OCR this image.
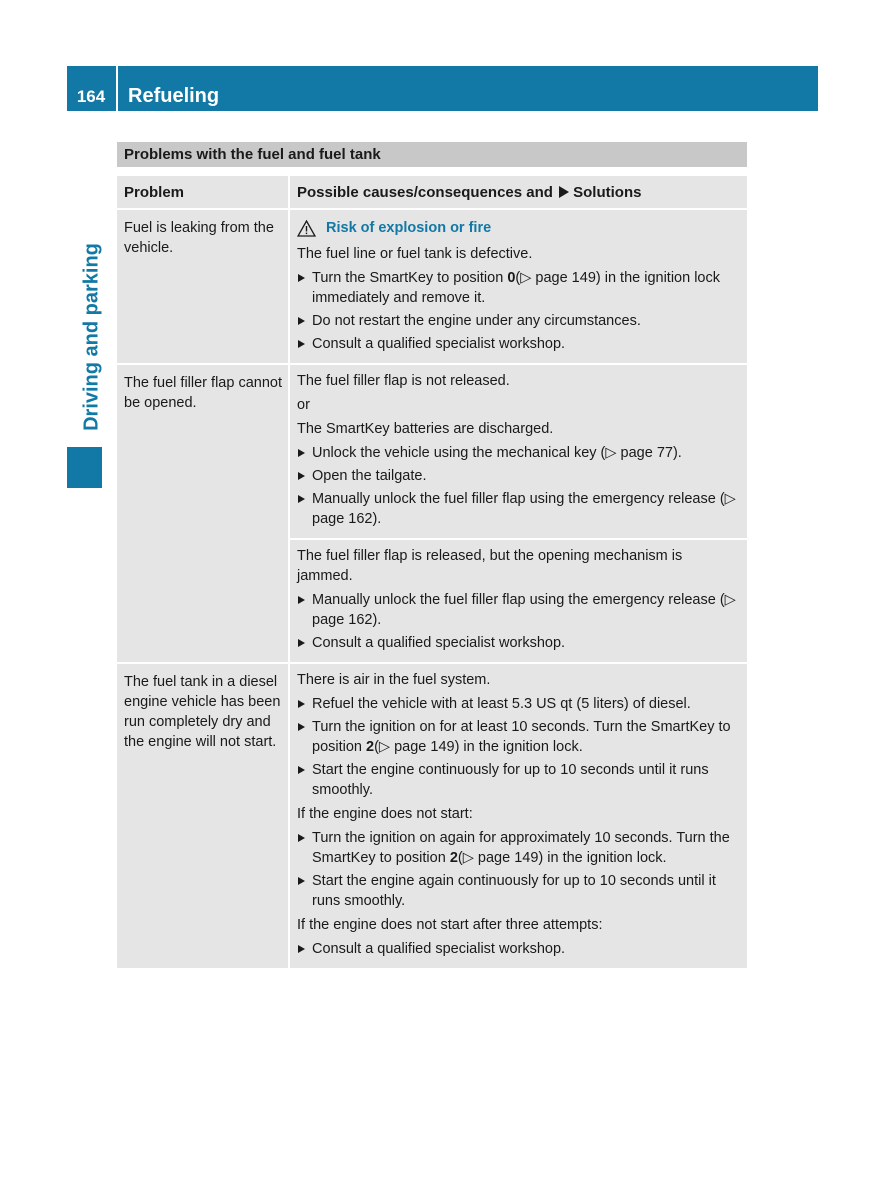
164	Refueling
Driving and parking
Problems with the fuel and fuel tank
Problem	Possible causes/consequences and Solutions
Fuel is leaking from the vehicle.
Risk of explosion or fire

The fuel line or fuel tank is defective.

Turn the SmartKey to position 0(▷ page 149) in the ignition lock immediately and remove it.
Do not restart the engine under any circumstances.
Consult a qualified specialist workshop.
The fuel filler flap cannot be opened.

The fuel filler flap is not released.

or

The SmartKey batteries are discharged.

Unlock the vehicle using the mechanical key (▷ page 77).
Open the tailgate.
Manually unlock the fuel filler flap using the emergency release (▷ page 162).

The fuel filler flap is released, but the opening mechanism is jammed.

Manually unlock the fuel filler flap using the emergency release (▷ page 162).
Consult a qualified specialist workshop.
The fuel tank in a diesel engine vehicle has been run completely dry and the engine will not start.

There is air in the fuel system.

Refuel the vehicle with at least 5.3 US qt (5 liters) of diesel.
Turn the ignition on for at least 10 seconds. Turn the SmartKey to position 2(▷ page 149) in the ignition lock.
Start the engine continuously for up to 10 seconds until it runs smoothly.

If the engine does not start:

Turn the ignition on again for approximately 10 seconds. Turn the SmartKey to position 2(▷ page 149) in the ignition lock.
Start the engine again continuously for up to 10 seconds until it runs smoothly.

If the engine does not start after three attempts:

Consult a qualified specialist workshop.
